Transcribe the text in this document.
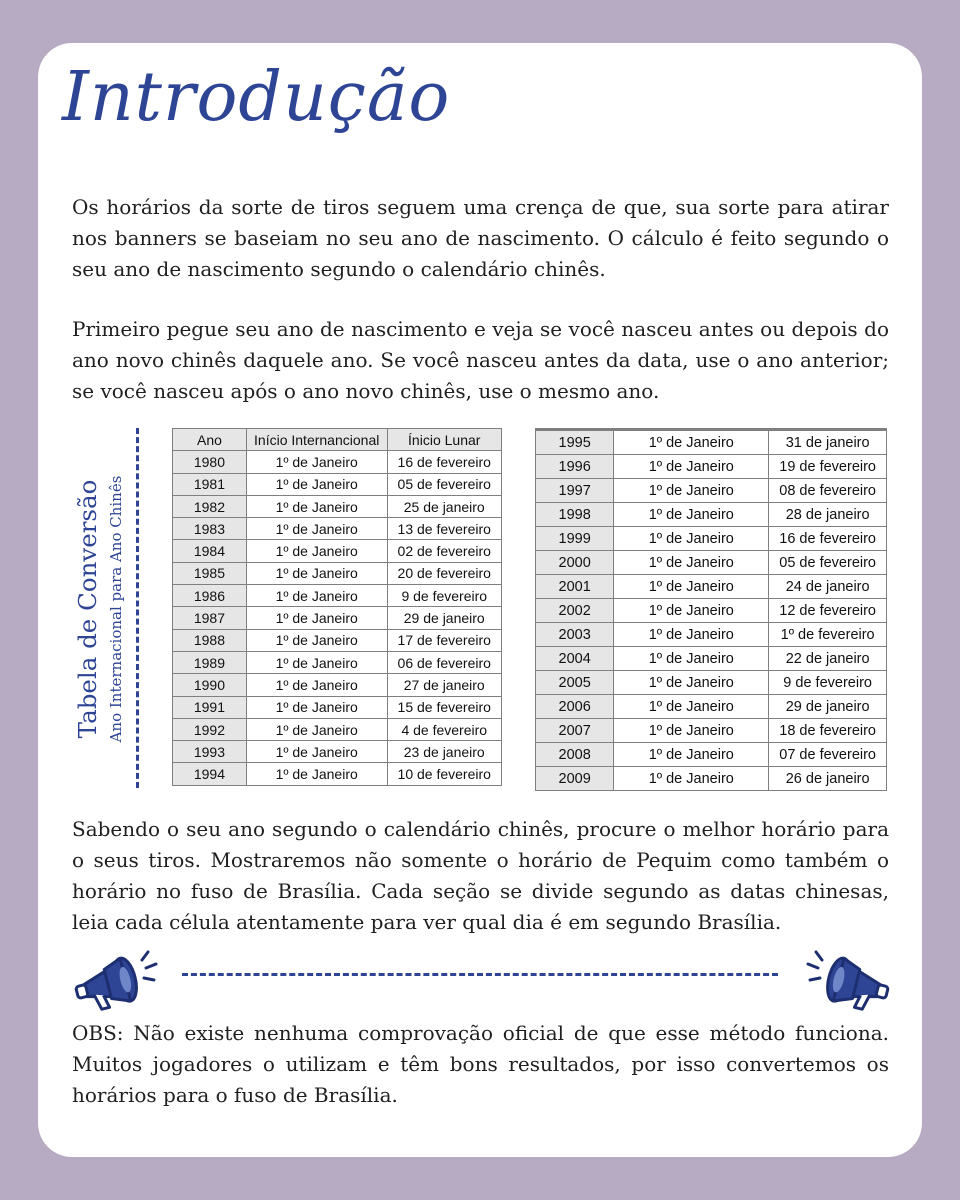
Introdução

Os horários da sorte de tiros seguem uma crença de que, sua sorte para atirar nos banners se baseiam no seu ano de nascimento. O cálculo é feito segundo o seu ano de nascimento segundo o calendário chinês.

Primeiro pegue seu ano de nascimento e veja se você nasceu antes ou depois do ano novo chinês daquele ano. Se você nasceu antes da data, use o ano anterior; se você nasceu após o ano novo chinês, use o mesmo ano.

Tabela de Conversão Ano Internacional para Ano Chinês
Ano	Início Internancional	Ínicio Lunar
1980	1º de Janeiro	16 de fevereiro
1981	1º de Janeiro	05 de fevereiro
1982	1º de Janeiro	25 de janeiro
1983	1º de Janeiro	13 de fevereiro
1984	1º de Janeiro	02 de fevereiro
1985	1º de Janeiro	20 de fevereiro
1986	1º de Janeiro	9 de fevereiro
1987	1º de Janeiro	29 de janeiro
1988	1º de Janeiro	17 de fevereiro
1989	1º de Janeiro	06 de fevereiro
1990	1º de Janeiro	27 de janeiro
1991	1º de Janeiro	15 de fevereiro
1992	1º de Janeiro	4 de fevereiro
1993	1º de Janeiro	23 de janeiro
1994	1º de Janeiro	10 de fevereiro
1995	1º de Janeiro	31 de janeiro
1996	1º de Janeiro	19 de fevereiro
1997	1º de Janeiro	08 de fevereiro
1998	1º de Janeiro	28 de janeiro
1999	1º de Janeiro	16 de fevereiro
2000	1º de Janeiro	05 de fevereiro
2001	1º de Janeiro	24 de janeiro
2002	1º de Janeiro	12 de fevereiro
2003	1º de Janeiro	1º de fevereiro
2004	1º de Janeiro	22 de janeiro
2005	1º de Janeiro	9 de fevereiro
2006	1º de Janeiro	29 de janeiro
2007	1º de Janeiro	18 de fevereiro
2008	1º de Janeiro	07 de fevereiro
2009	1º de Janeiro	26 de janeiro

Sabendo o seu ano segundo o calendário chinês, procure o melhor horário para o seus tiros. Mostraremos não somente o horário de Pequim como também o horário no fuso de Brasília. Cada seção se divide segundo as datas chinesas, leia cada célula atentamente para ver qual dia é em segundo Brasília.

OBS: Não existe nenhuma comprovação oficial de que esse método funciona. Muitos jogadores o utilizam e têm bons resultados, por isso convertemos os horários para o fuso de Brasília.
